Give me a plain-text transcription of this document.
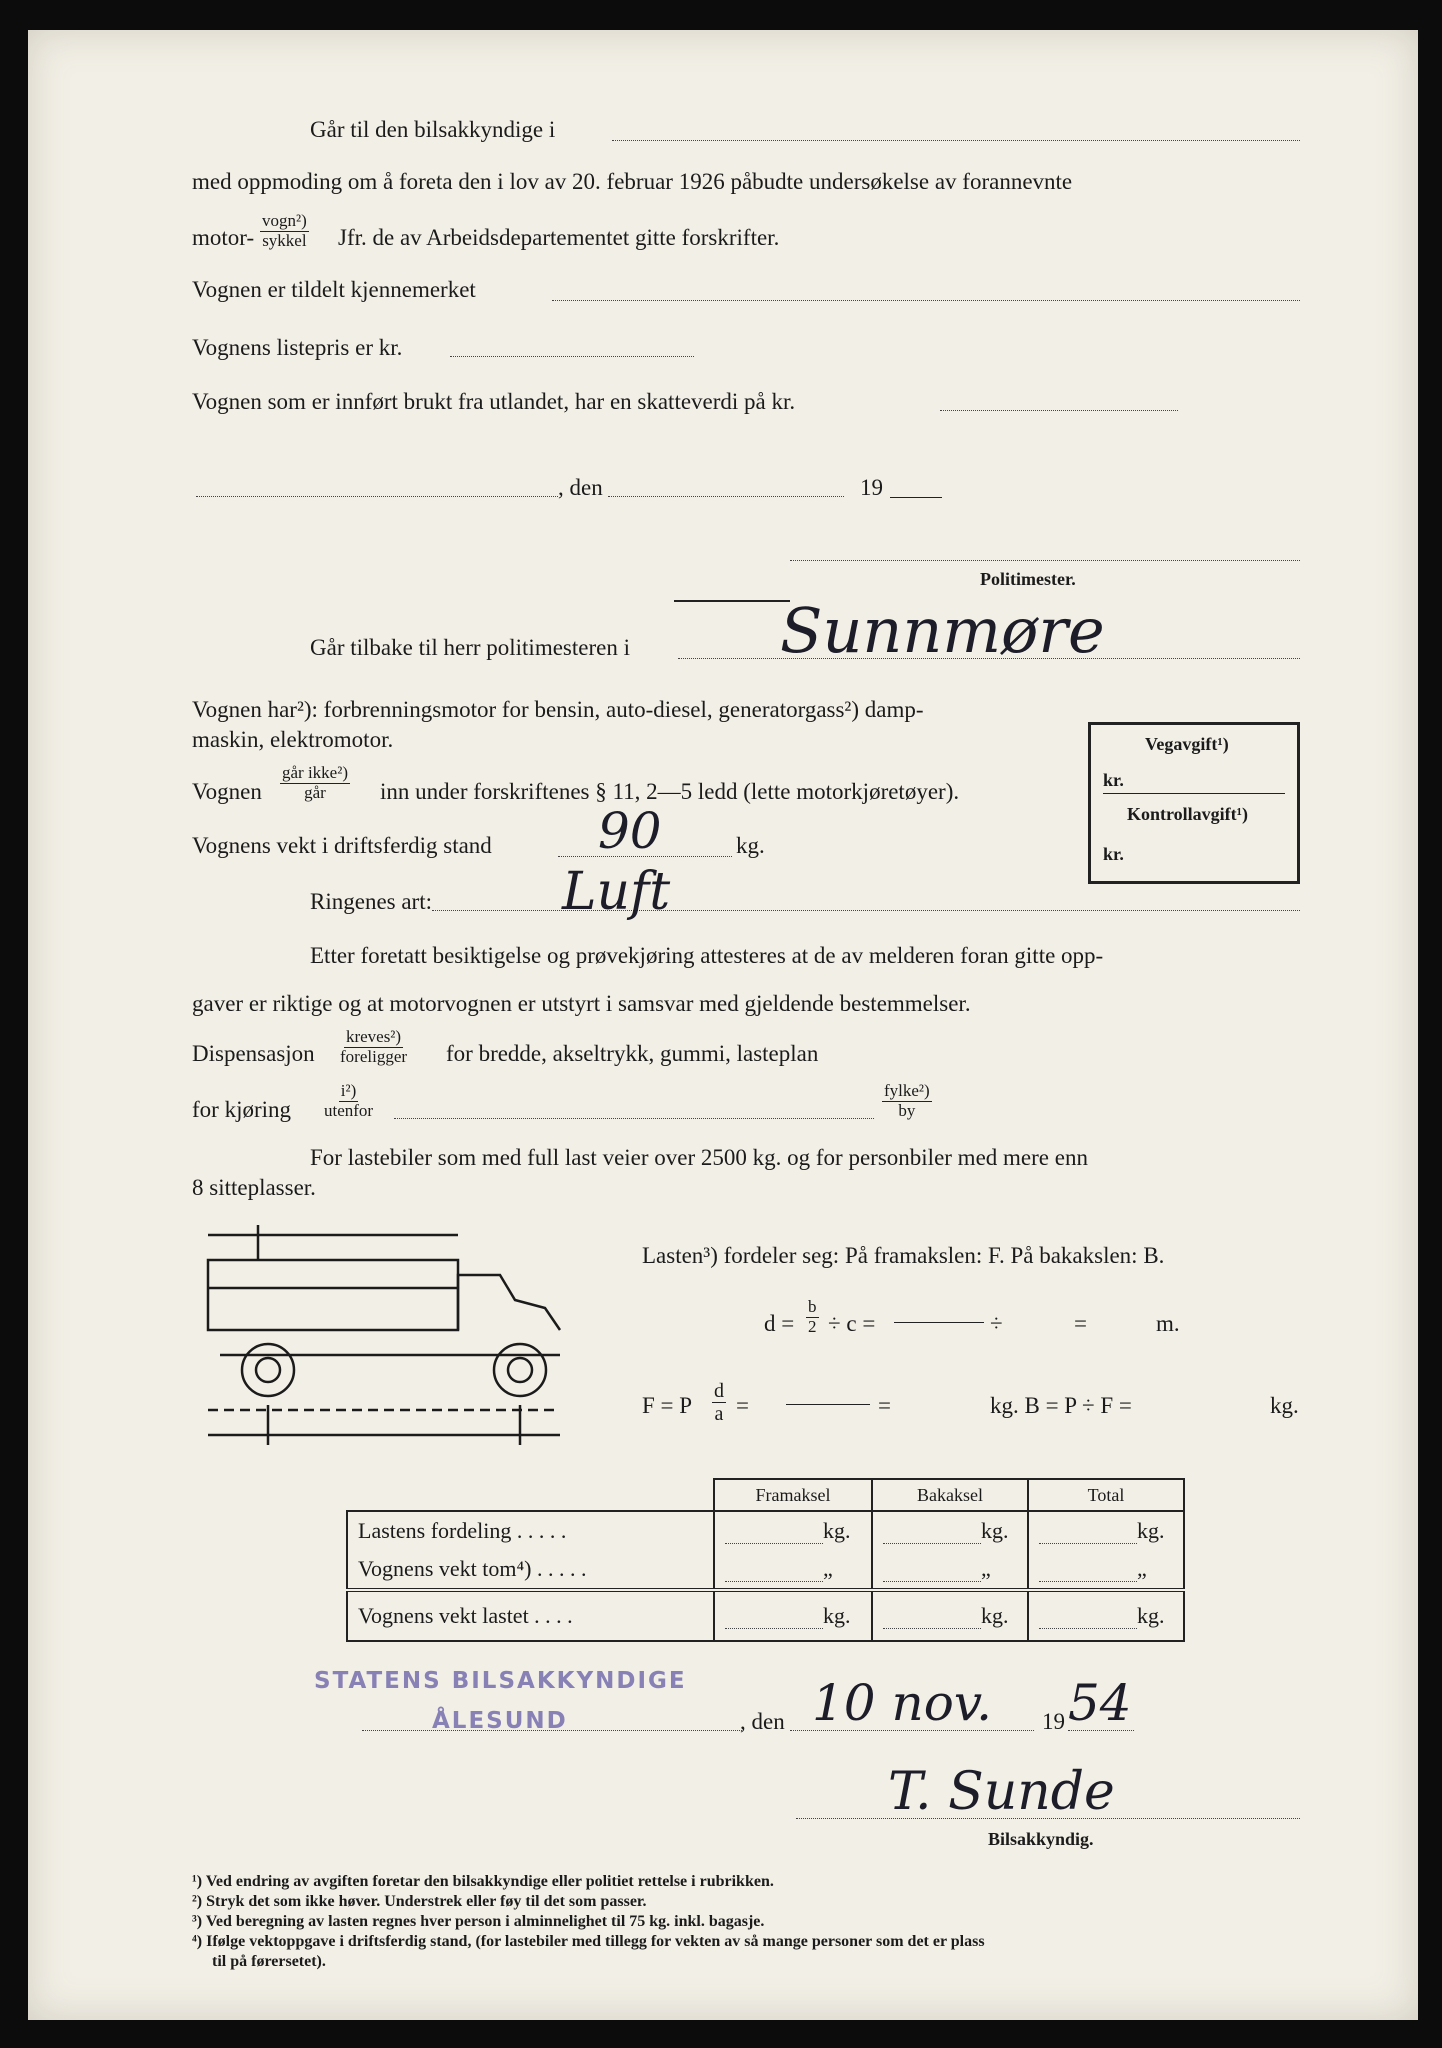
Går til den bilsakkyndige i
med oppmoding om å foreta den i lov av 20. februar 1926 påbudte undersøkelse av forannevnte
motor-
vogn²)
sykkel Jfr. de av Arbeidsdepartementet gitte forskrifter.
Vognen er tildelt kjennemerket
Vognens listepris er kr.
Vognen som er innført brukt fra utlandet, har en skatteverdi på kr.
, den	19
Politimester.
Går tilbake til herr politimesteren i Sunnmøre
Vognen har²): forbrenningsmotor for bensin, auto-diesel, generatorgass²) damp-
maskin, elektromotor.	Vegavgift¹)
kr.
Kontrollavgift¹)
kr.
Vognen
går ikke²)
går inn under forskriftenes § 11, 2—5 ledd (lette motorkjøretøyer).
Vognens vekt i driftsferdig stand 90	kg.
Ringenes art:	Luft
Etter foretatt besiktigelse og prøvekjøring attesteres at de av melderen foran gitte opp-
gaver er riktige og at motorvognen er utstyrt i samsvar med gjeldende bestemmelser.
Dispensasjon
kreves²)
foreligger for bredde, akseltrykk, gummi, lasteplan
for kjøring
i²)
utenfor
fylke²)
by
For lastebiler som med full last veier over 2500 kg. og for personbiler med mere enn
8 sitteplasser.
Lasten³) fordeler seg: På framakslen: F. På bakakslen: B.
$d = \frac{b}{2} \div c$ =	÷	=	m.
F = P $\frac{d}{a}$ =	=	kg. B = P ÷ F =	kg.
	Framaksel	Bakaksel	Total
Lastens fordeling . . . . .	kg.	kg.	kg.
Vognens vekt tom⁴) . . . . .	„	„	„
Vognens vekt lastet . . . .	kg.	kg.	kg.
STATENS BILSAKKYNDIGE
ÅLESUND	, den 10 nov. 19 54
T. Sunde
Bilsakkyndig.
¹) Ved endring av avgiften foretar den bilsakkyndige eller politiet rettelse i rubrikken.
²) Stryk det som ikke høver. Understrek eller føy til det som passer.
³) Ved beregning av lasten regnes hver person i alminnelighet til 75 kg. inkl. bagasje.
⁴) Ifølge vektoppgave i driftsferdig stand, (for lastebiler med tillegg for vekten av så mange personer som det er plass
til på førersetet).
